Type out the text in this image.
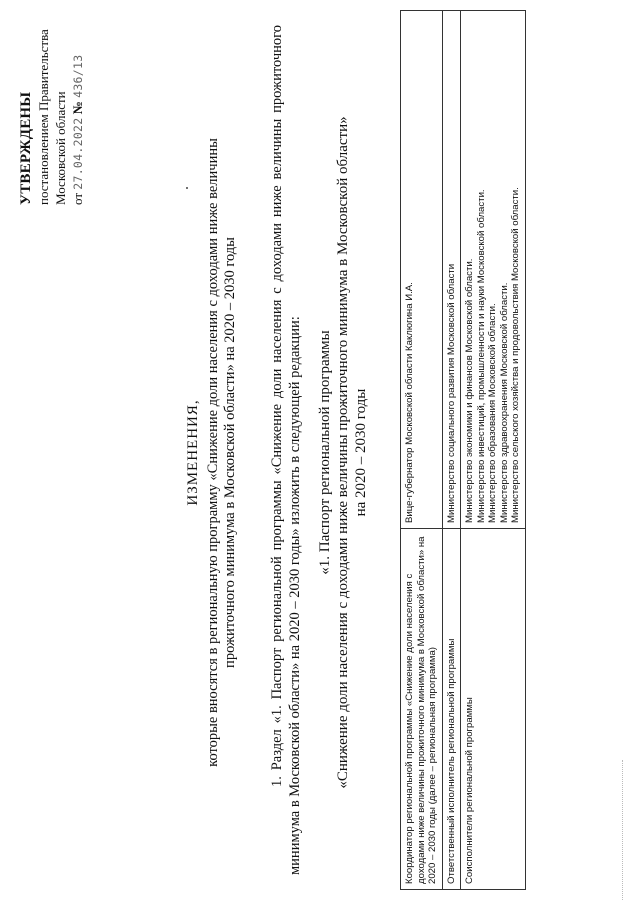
УТВЕРЖДЕНЫ постановлением Правительства Московской области от 27.04.2022 № 436/13
ИЗМЕНЕНИЯ, которые вносятся в региональную программу «Снижение доли населения с доходами ниже величины прожиточного минимума в Московской области» на 2020 – 2030 годы 1. Раздел «1. Паспорт региональной программы «Снижение доли населения с доходами ниже величины прожиточного минимума в Московской области» на 2020 – 2030 годы» изложить в следующей редакции: «1. Паспорт региональной программы «Снижение доли населения с доходами ниже величины прожиточного минимума в Московской области» на 2020 – 2030 годы
Координатор региональной программы «Снижение доли населения с доходами ниже величины прожиточного минимума в Московской области» на 2020 – 2030 годы (далее – региональная программа)	Вице-губернатор Московской области Каклюгина И.А.

Ответственный исполнитель региональной программы	Министерство социального развития Московской области

Соисполнители региональной программы	Министерство экономики и финансов Московской области. Министерство инвестиций, промышленности и науки Московской области. Министерство образования Московской области. Министерство здравоохранения Московской области. Министерство сельского хозяйства и продовольствия Московской области.
